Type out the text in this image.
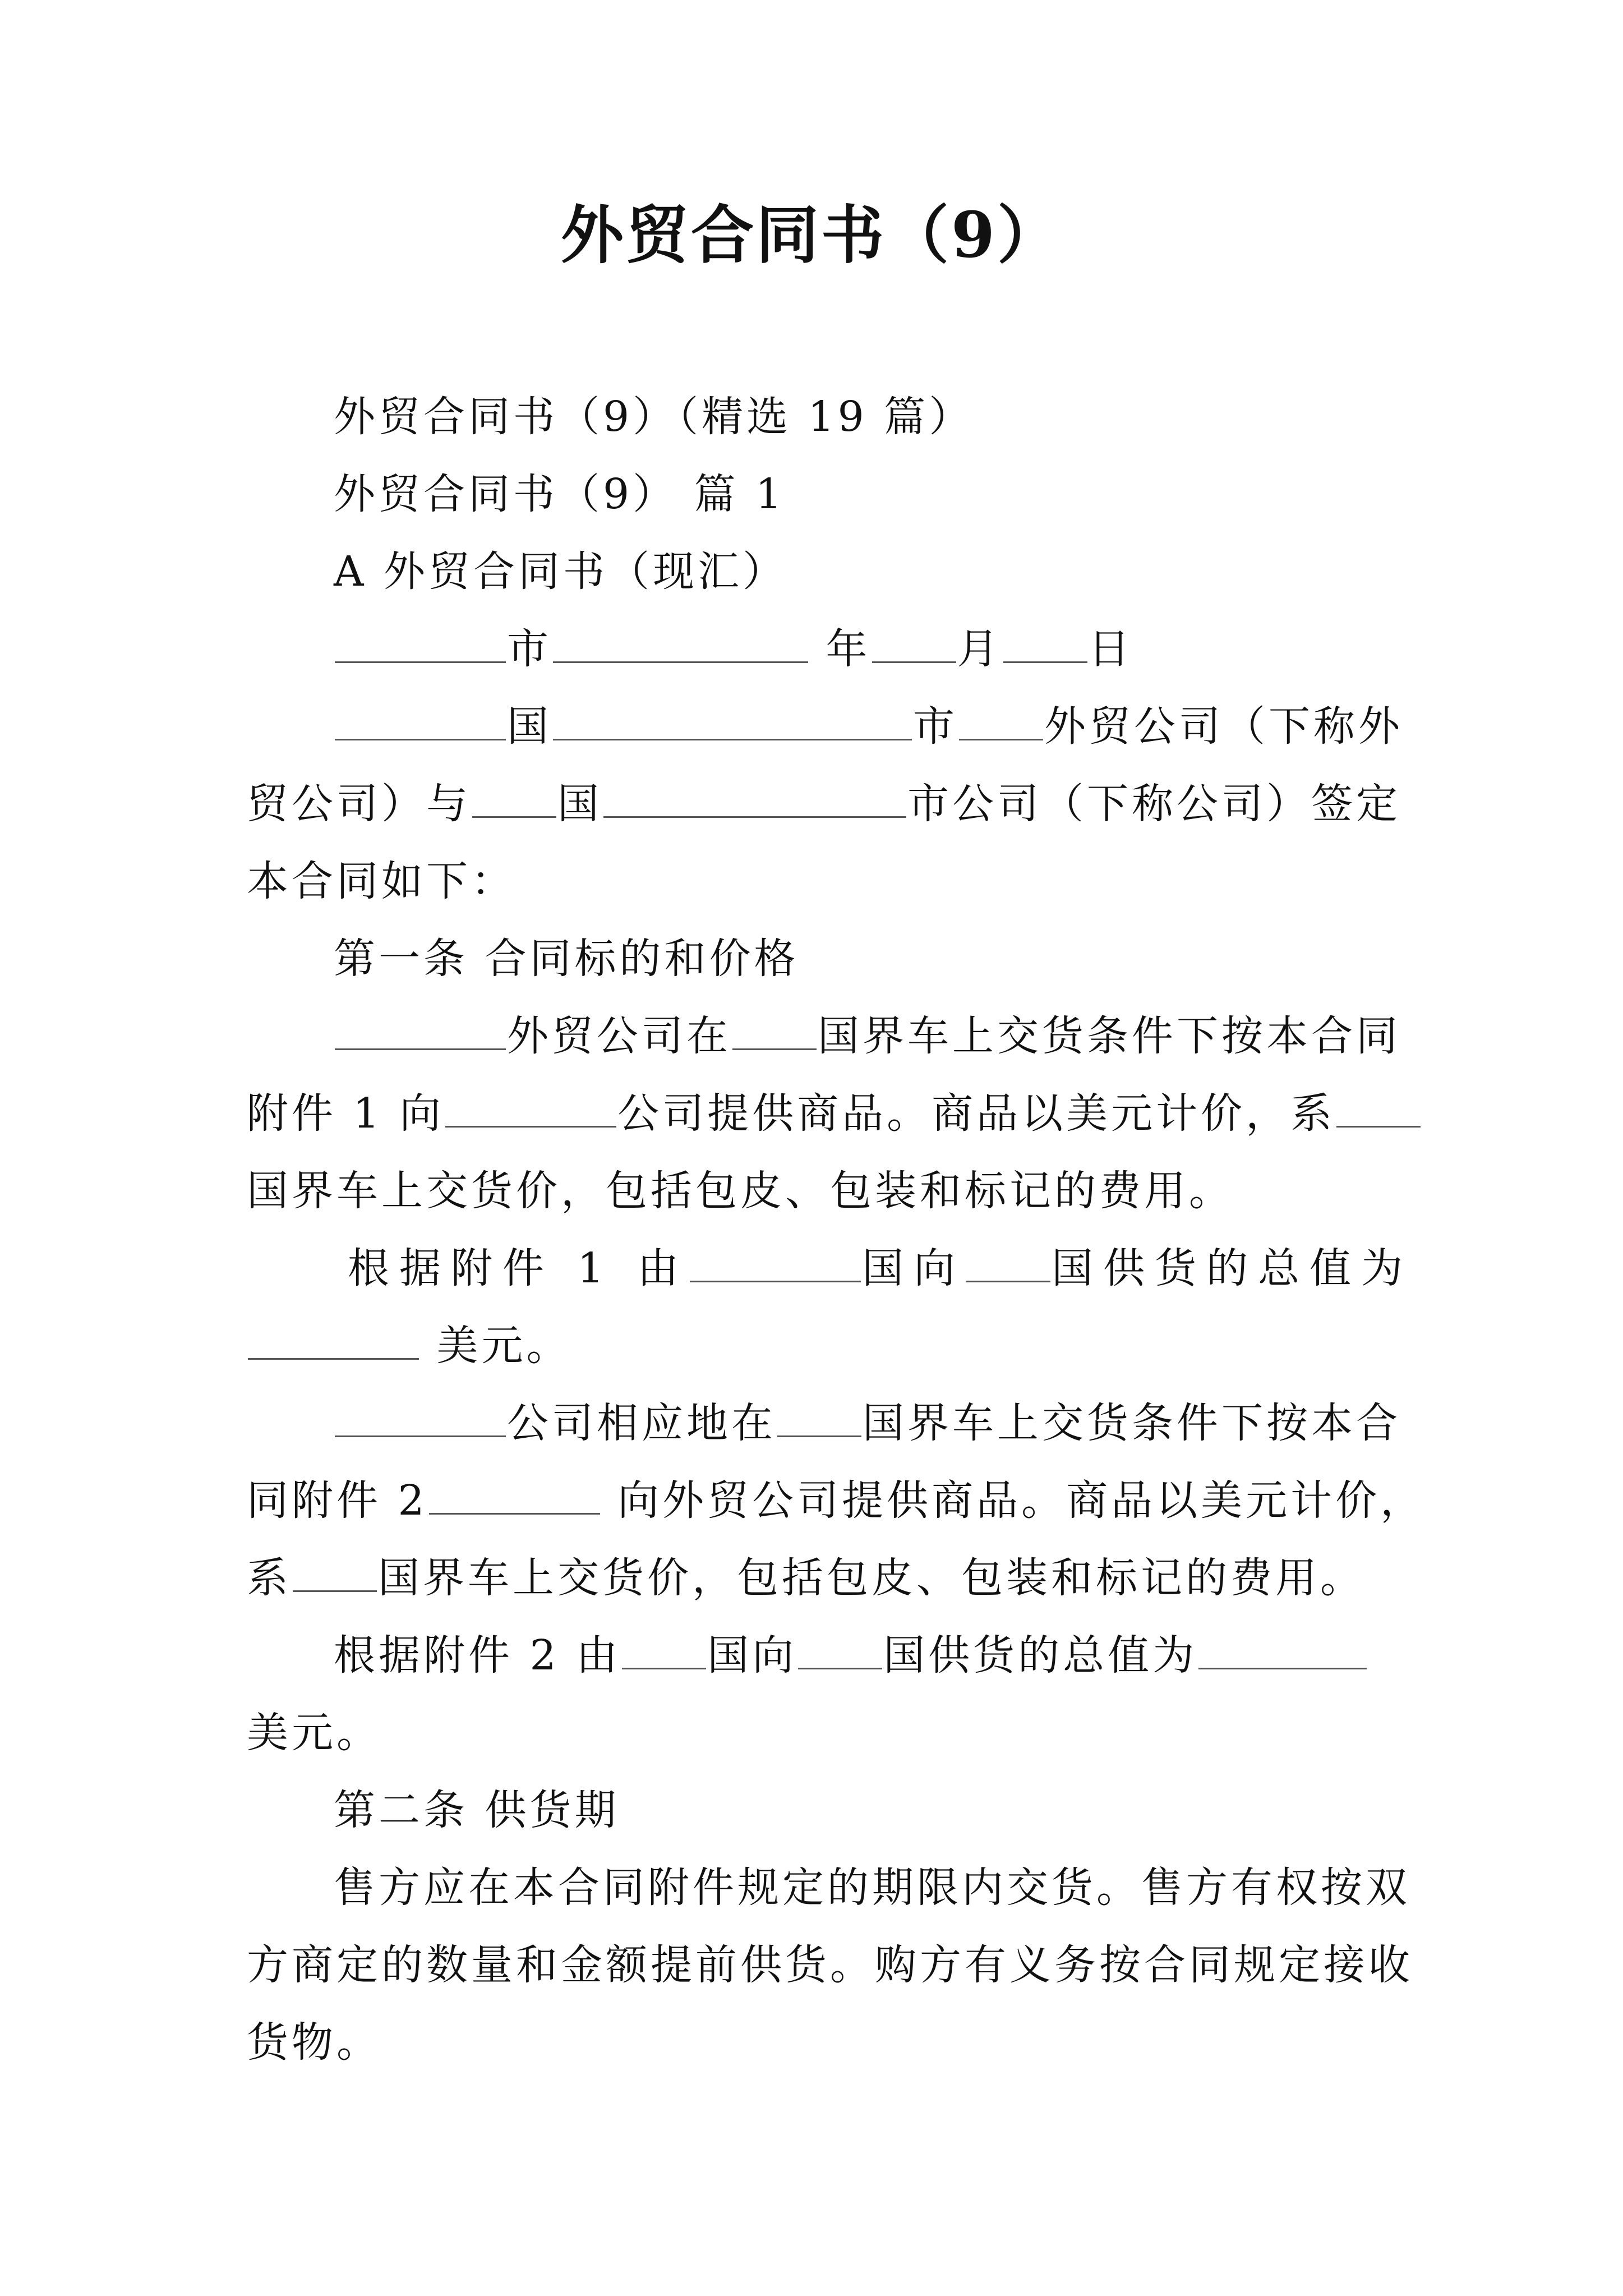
外贸合同书（9）
外贸合同书（9）（精选 19 篇）
外贸合同书（9） 篇 1
A 外贸合同书（现汇）
市	年 月 日
国	市 外贸公司（下称外
贸公司）与 国	市公司（下称公司）签定
本合同如下：
第一条 合同标的和价格
外贸公司在 国界车上交货条件下按本合同
附件 1 向	公司提供商品。商品以美元计价，系
国界车上交货价，包括包皮、包装和标记的费用。
根据附件 1 由	国向 国供货的总值为
美元。
公司相应地在 国界车上交货条件下按本合
同附件 2	向外贸公司提供商品。商品以美元计价，
系 国界车上交货价，包括包皮、包装和标记的费用。
根据附件 2 由 国向 国供货的总值为
美元。
第二条 供货期
售方应在本合同附件规定的期限内交货。售方有权按双
方商定的数量和金额提前供货。购方有义务按合同规定接收
货物。
